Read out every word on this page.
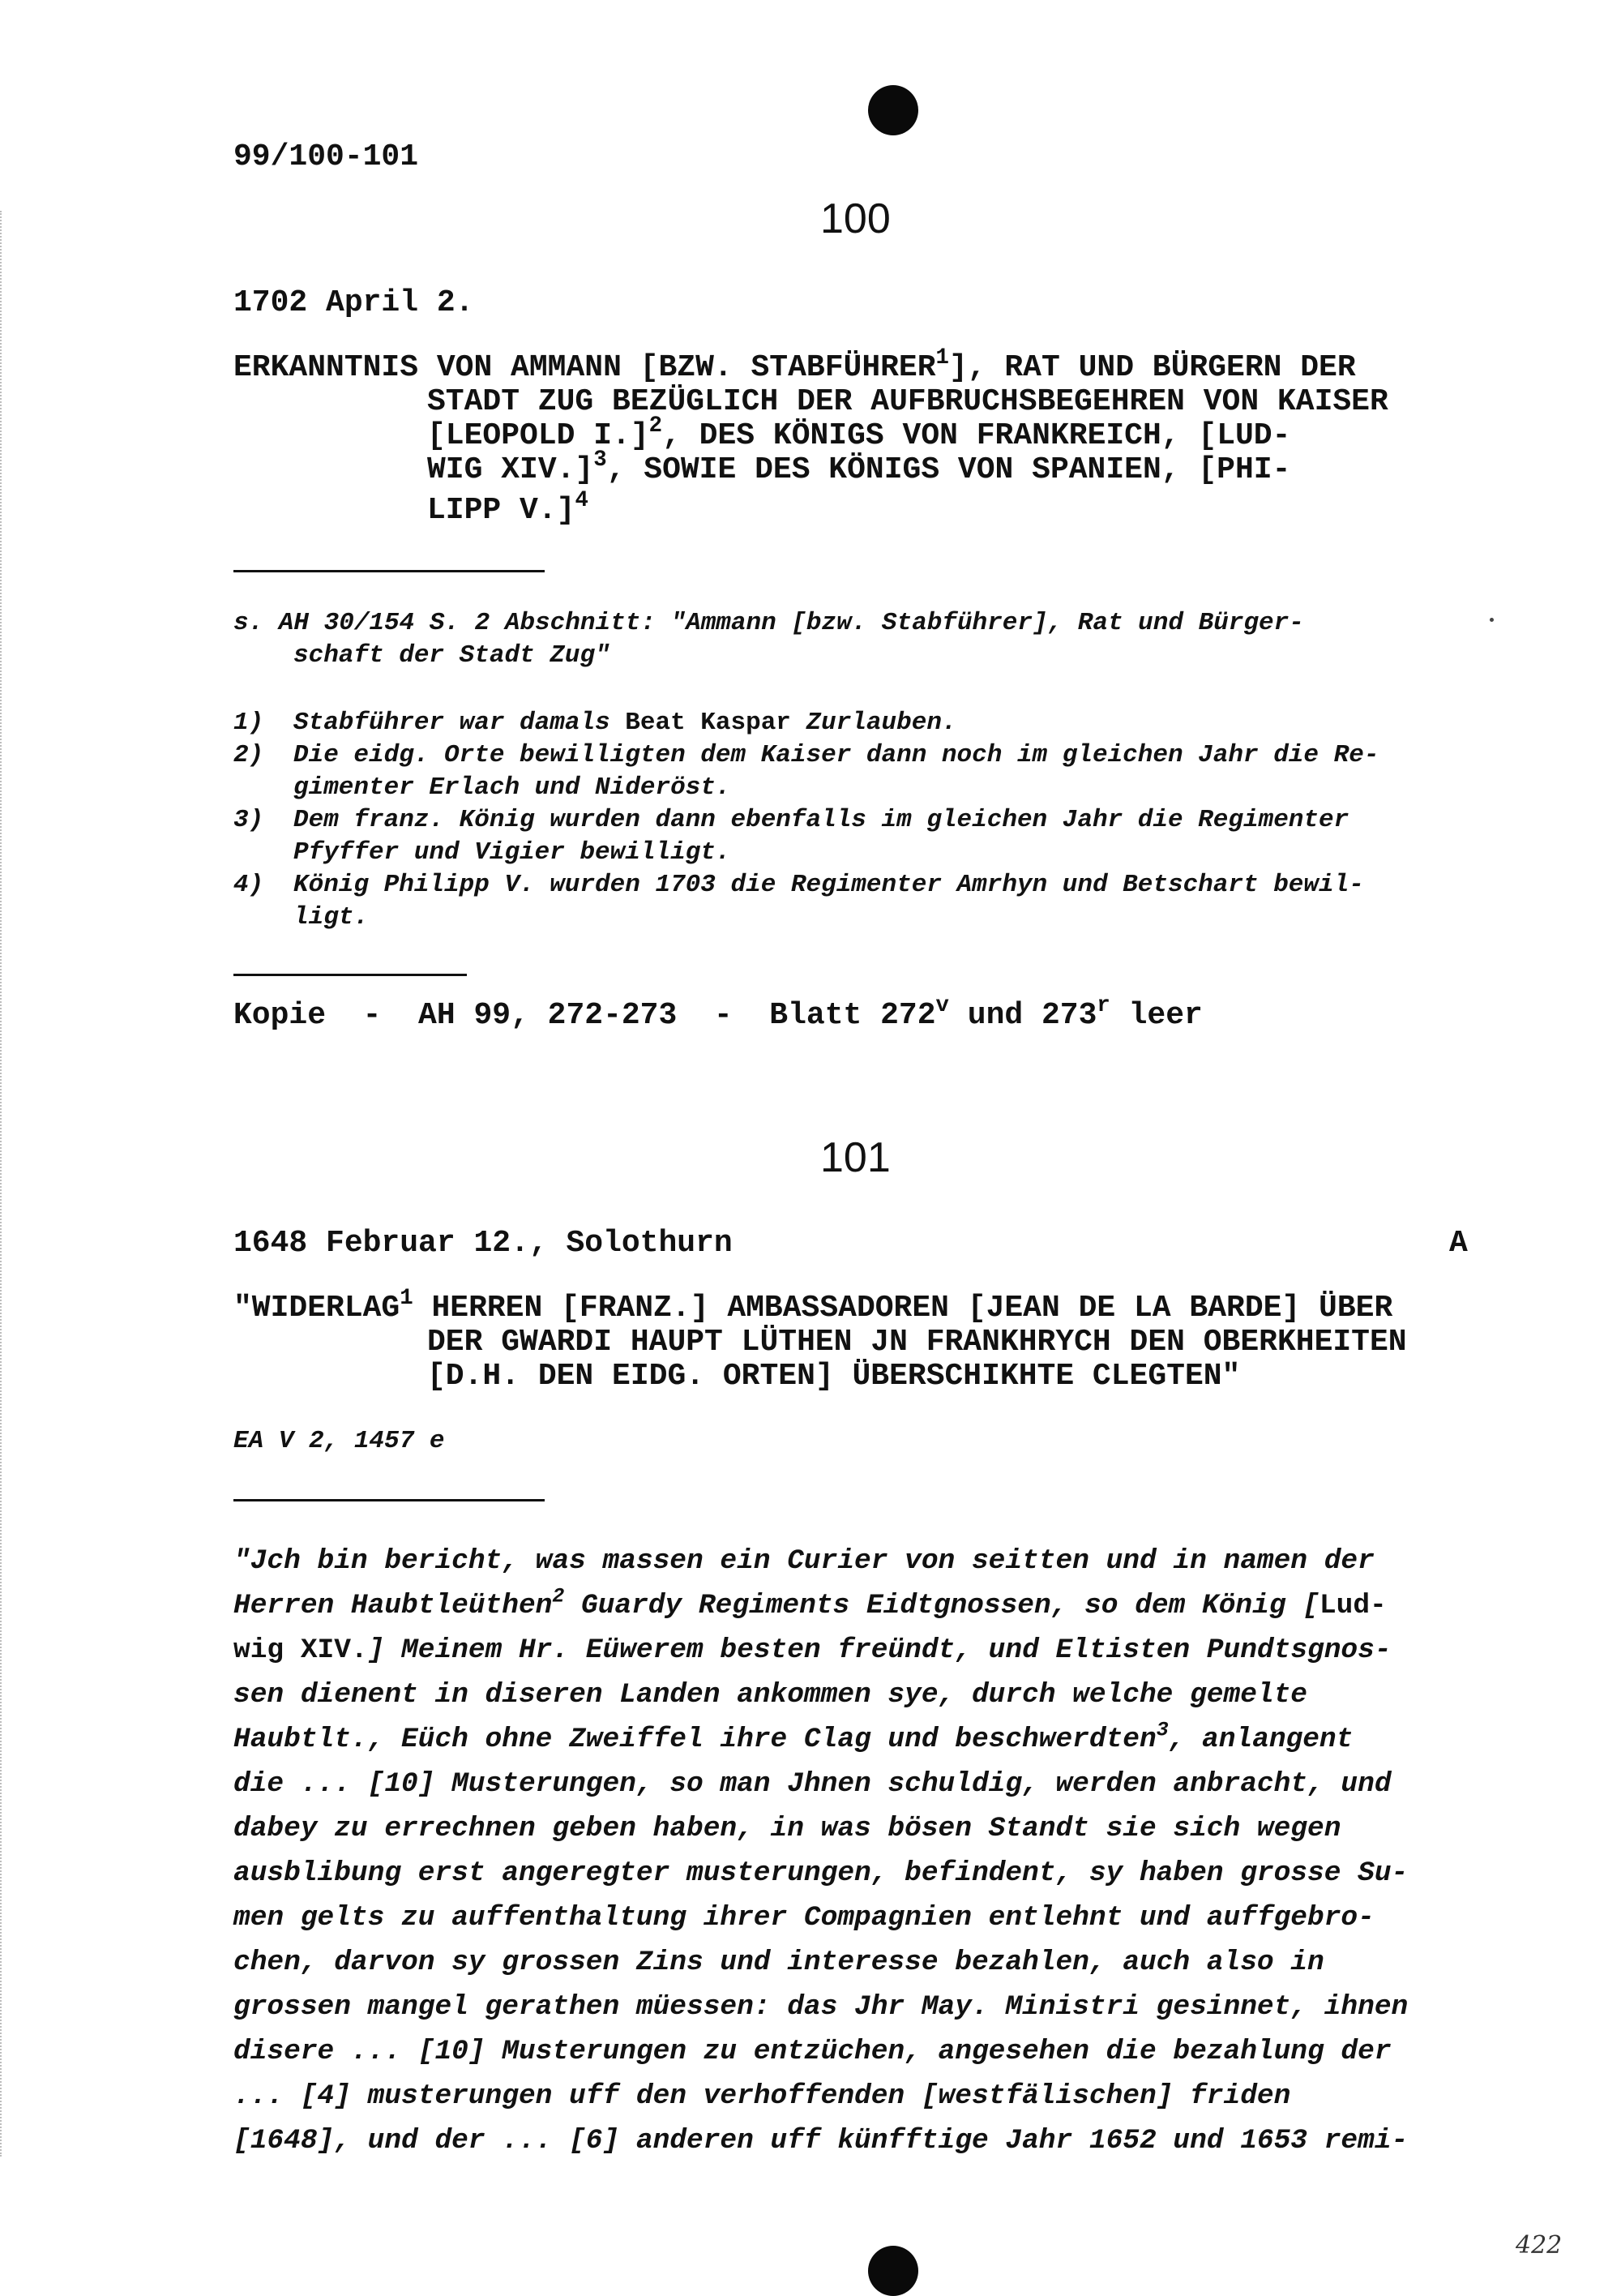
99/100-101
100
1702 April 2.
ERKANNTNIS VON AMMANN [BZW. STABFÜHRER$^1$], RAT UND BÜRGERN DER
STADT ZUG BEZÜGLICH DER AUFBRUCHSBEGEHREN VON KAISER
[LEOPOLD I.]$^2$, DES KÖNIGS VON FRANKREICH, [LUD-
WIG XIV.]$^3$, SOWIE DES KÖNIGS VON SPANIEN, [PHI-
LIPP V.]$^4$
s. AH 30/154 S. 2 Abschnitt: "Ammann [bzw. Stabführer], Rat und Bürger-
schaft der Stadt Zug"
1) Stabführer war damals Beat Kaspar Zurlauben.
2) Die eidg. Orte bewilligten dem Kaiser dann noch im gleichen Jahr die Re-
gimenter Erlach und Nideröst.
3) Dem franz. König wurden dann ebenfalls im gleichen Jahr die Regimenter
Pfyffer und Vigier bewilligt.
4) König Philipp V. wurden 1703 die Regimenter Amrhyn und Betschart bewil-
ligt.
Kopie  -  AH 99, 272-273  -  Blatt 272$^v$ und 273$^r$ leer
101
1648 Februar 12., Solothurn	A
"WIDERLAG$^1$ HERREN [FRANZ.] AMBASSADOREN [JEAN DE LA BARDE] ÜBER
DER GWARDI HAUPT LÜTHEN JN FRANKHRYCH DEN OBERKHEITEN
[D.H. DEN EIDG. ORTEN] ÜBERSCHIKHTE CLEGTEN"
EA V 2, 1457 e
"Jch bin bericht, was massen ein Curier von seitten und in namen der
Herren Haubtleüthen$^2$ Guardy Regiments Eidtgnossen, so dem König [Lud-
wig XIV.] Meinem Hr. Eüwerem besten freündt, und Eltisten Pundtsgnos-
sen dienent in diseren Landen ankommen sye, durch welche gemelte
Haubtlt., Eüch ohne Zweiffel ihre Clag und beschwerdten$^3$, anlangent
die ... [10] Musterungen, so man Jhnen schuldig, werden anbracht, und
dabey zu errechnen geben haben, in was bösen Standt sie sich wegen
ausblibung erst angeregter musterungen, befindent, sy haben grosse Su-
men gelts zu auffenthaltung ihrer Compagnien entlehnt und auffgebro-
chen, darvon sy grossen Zins und interesse bezahlen, auch also in
grossen mangel gerathen müessen: das Jhr May. Ministri gesinnet, ihnen
disere ... [10] Musterungen zu entzüchen, angesehen die bezahlung der
... [4] musterungen uff den verhoffenden [westfälischen] friden
[1648], und der ... [6] anderen uff künfftige Jahr 1652 und 1653 remi-
422
